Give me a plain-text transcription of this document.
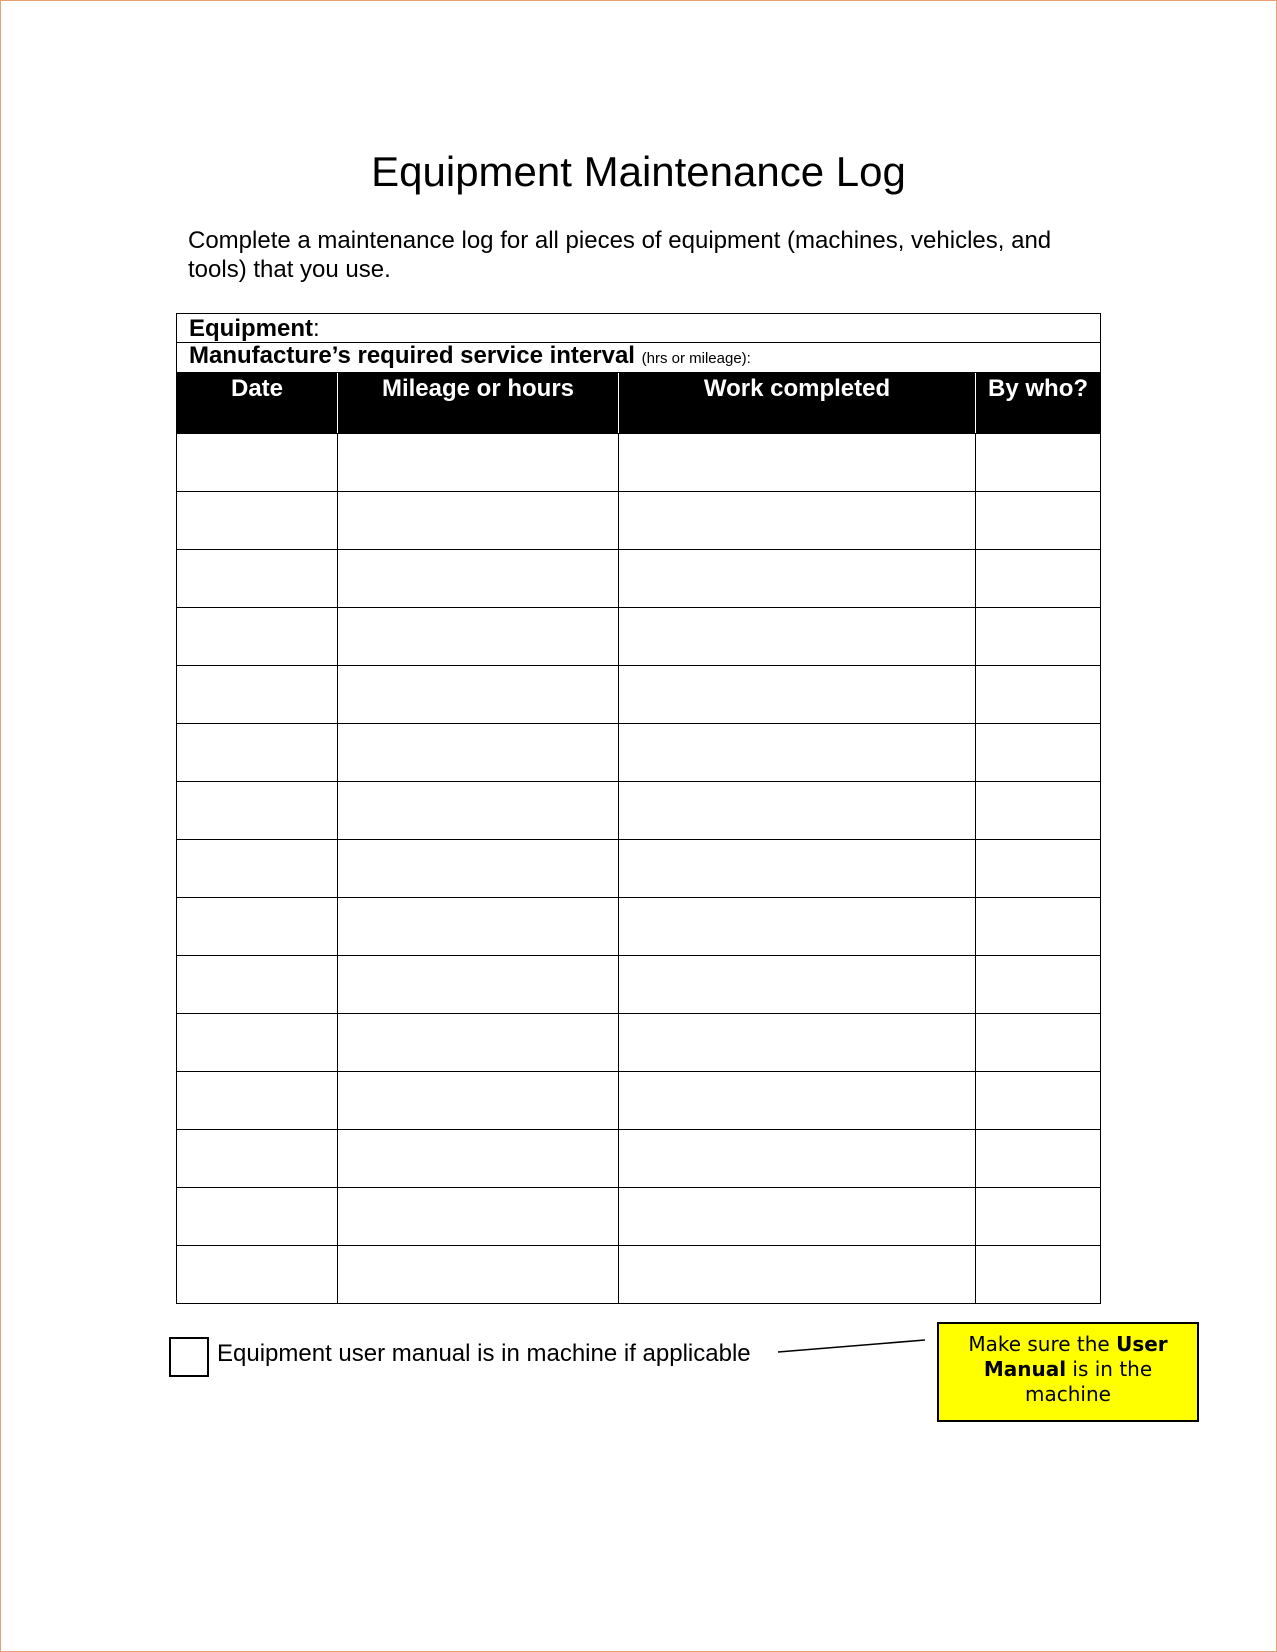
Equipment Maintenance Log
Complete a maintenance log for all pieces of equipment (machines, vehicles, and tools) that you use.
Equipment:			
Manufacture’s required service interval (hrs or mileage):			
Date	Mileage or hours	Work completed	By who?

Equipment user manual is in machine if applicable	Make sure the User Manual is in the machine
